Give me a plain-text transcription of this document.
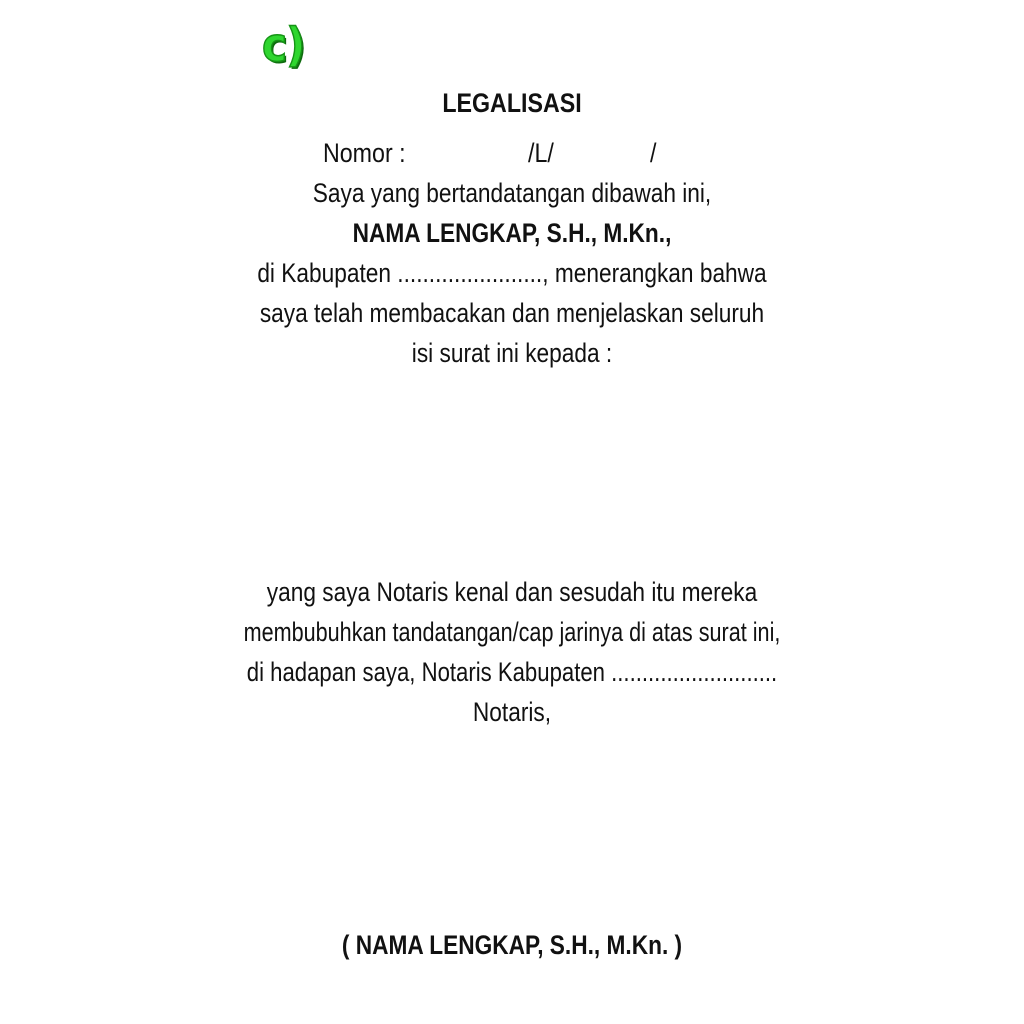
c)
LEGALISASI
Nomor :	/L/	/
Saya yang bertandatangan dibawah ini,
NAMA LENGKAP, S.H., M.Kn.,
di Kabupaten ......................., menerangkan bahwa
saya telah membacakan dan menjelaskan seluruh
isi surat ini kepada :
yang saya Notaris kenal dan sesudah itu mereka
membubuhkan tandatangan/cap jarinya di atas surat ini,
di hadapan saya, Notaris Kabupaten ...........................
Notaris,
( NAMA LENGKAP, S.H., M.Kn. )
